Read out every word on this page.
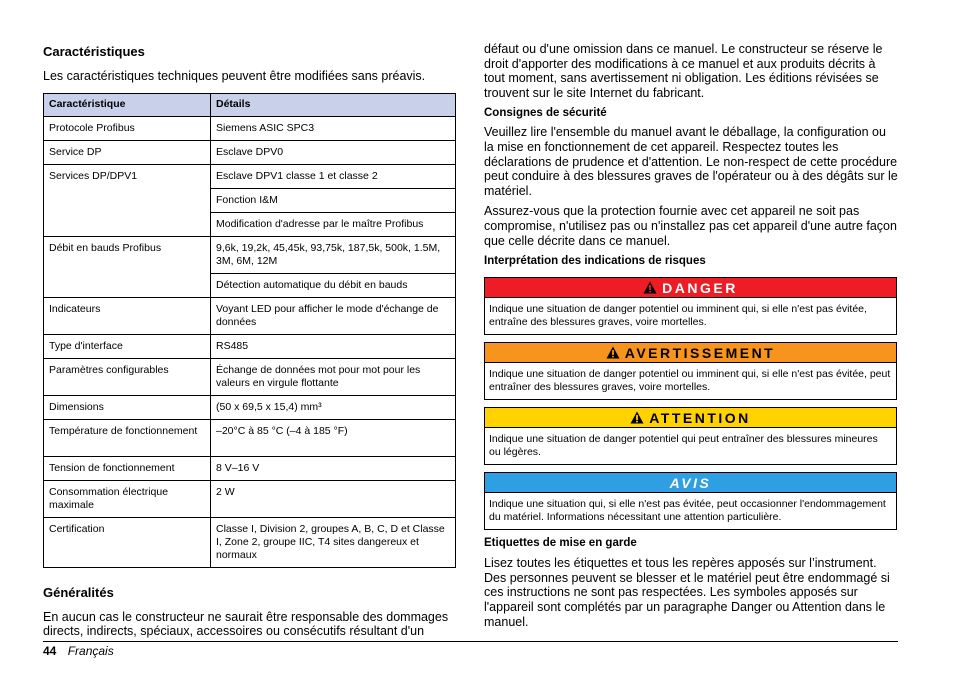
Caractéristiques

Les caractéristiques techniques peuvent être modifiées sans préavis.

Caractéristique	Détails
Protocole Profibus	Siemens ASIC SPC3
Service DP	Esclave DPV0
Services DP/DPV1	Esclave DPV1 classe 1 et classe 2
	Fonction I&M
	Modification d'adresse par le maître Profibus
Débit en bauds Profibus	9,6k, 19,2k, 45,45k, 93,75k, 187,5k, 500k, 1.5M, 3M, 6M, 12M
	Détection automatique du débit en bauds
Indicateurs	Voyant LED pour afficher le mode d'échange de données
Type d'interface	RS485
Paramètres configurables	Échange de données mot pour mot pour les valeurs en virgule flottante
Dimensions	(50 x 69,5 x 15,4) mm³
Température de fonctionnement	–20°C à 85 °C (–4 à 185 °F)
Tension de fonctionnement	8 V–16 V
Consommation électrique maximale	2 W
Certification	Classe I, Division 2, groupes A, B, C, D et Classe I, Zone 2, groupe IIC, T4 sites dangereux et normaux
Généralités

En aucun cas le constructeur ne saurait être responsable des dommages directs, indirects, spéciaux, accessoires ou consécutifs résultant d'un

défaut ou d'une omission dans ce manuel. Le constructeur se réserve le droit d'apporter des modifications à ce manuel et aux produits décrits à tout moment, sans avertissement ni obligation. Les éditions révisées se trouvent sur le site Internet du fabricant.

Consignes de sécurité

Veuillez lire l'ensemble du manuel avant le déballage, la configuration ou la mise en fonctionnement de cet appareil. Respectez toutes les déclarations de prudence et d'attention. Le non-respect de cette procédure peut conduire à des blessures graves de l'opérateur ou à des dégâts sur le matériel.

Assurez-vous que la protection fournie avec cet appareil ne soit pas compromise, n'utilisez pas ou n'installez pas cet appareil d'une autre façon que celle décrite dans ce manuel.

Interprétation des indications de risques
DANGER
Indique une situation de danger potentiel ou imminent qui, si elle n'est pas évitée, entraîne des blessures graves, voire mortelles.
AVERTISSEMENT
Indique une situation de danger potentiel ou imminent qui, si elle n'est pas évitée, peut entraîner des blessures graves, voire mortelles.
ATTENTION
Indique une situation de danger potentiel qui peut entraîner des blessures mineures ou légères.
AVIS
Indique une situation qui, si elle n'est pas évitée, peut occasionner l'endommagement du matériel. Informations nécessitant une attention particulière.
Etiquettes de mise en garde

Lisez toutes les étiquettes et tous les repères apposés sur l’instrument. Des personnes peuvent se blesser et le matériel peut être endommagé si ces instructions ne sont pas respectées. Les symboles apposés sur l'appareil sont complétés par un paragraphe Danger ou Attention dans le manuel.

44 Français
